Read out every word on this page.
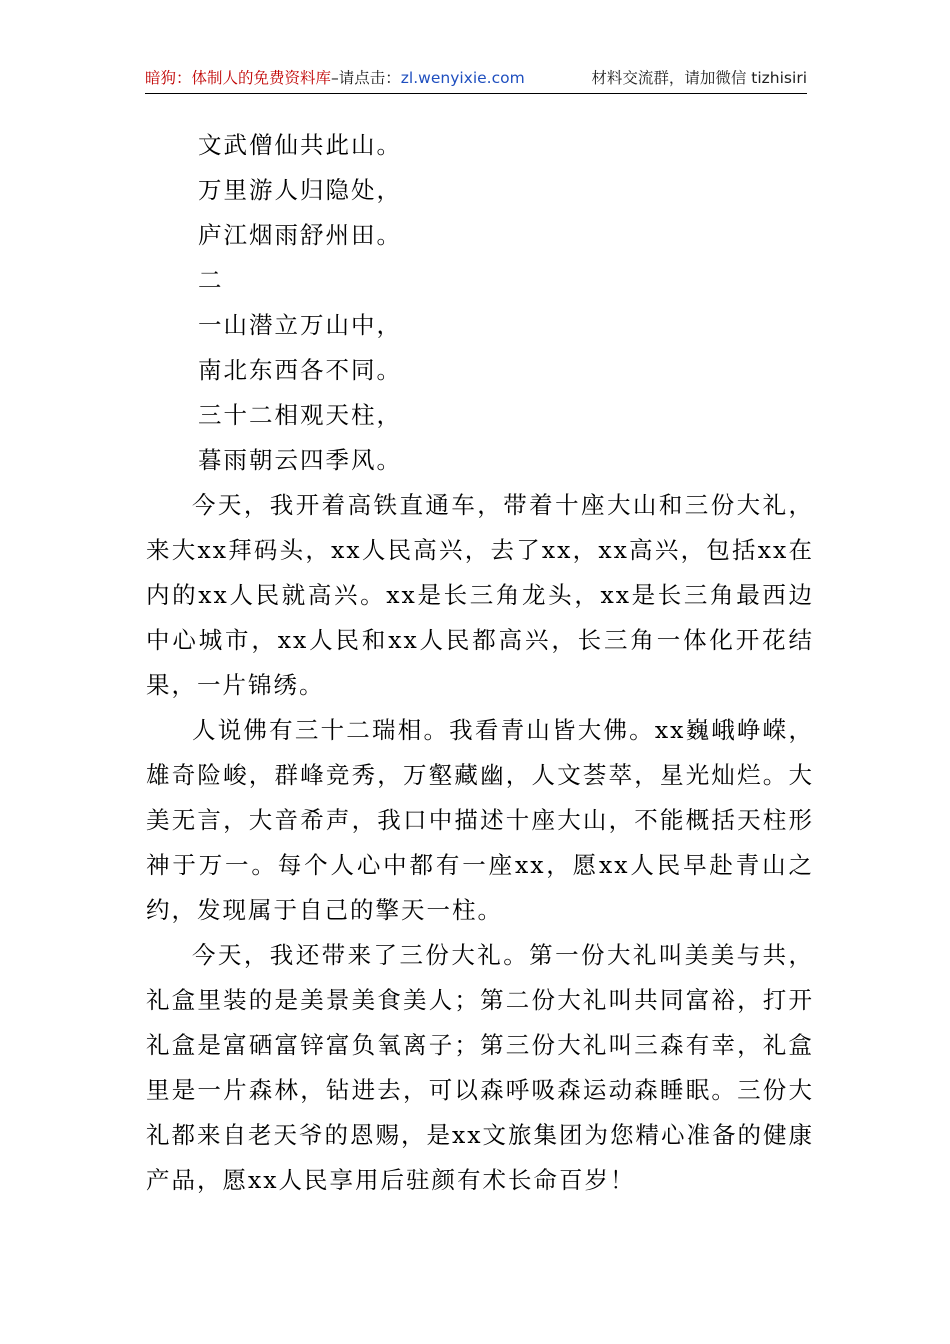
暗狗：体制人的免费资料库–请点击：zl.wenyixie.com	材料交流群，请加微信 tizhisiri
文武僧仙共此山。
万里游人归隐处，
庐江烟雨舒州田。
二
一山潜立万山中，
南北东西各不同。
三十二相观天柱，
暮雨朝云四季风。

今天，我开着高铁直通车，带着十座大山和三份大礼，来大xx拜码头，xx人民高兴，去了xx，xx高兴，包括xx在内的xx人民就高兴。xx是长三角龙头，xx是长三角最西边中心城市，xx人民和xx人民都高兴，长三角一体化开花结果，一片锦绣。

人说佛有三十二瑞相。我看青山皆大佛。xx巍峨峥嵘，雄奇险峻，群峰竞秀，万壑藏幽，人文荟萃，星光灿烂。大美无言，大音希声，我口中描述十座大山，不能概括天柱形神于万一。每个人心中都有一座xx，愿xx人民早赴青山之约，发现属于自己的擎天一柱。

今天，我还带来了三份大礼。第一份大礼叫美美与共，礼盒里装的是美景美食美人；第二份大礼叫共同富裕，打开礼盒是富硒富锌富负氧离子；第三份大礼叫三森有幸，礼盒里是一片森林，钻进去，可以森呼吸森运动森睡眠。三份大礼都来自老天爷的恩赐，是xx文旅集团为您精心准备的健康产品，愿xx人民享用后驻颜有术长命百岁！
